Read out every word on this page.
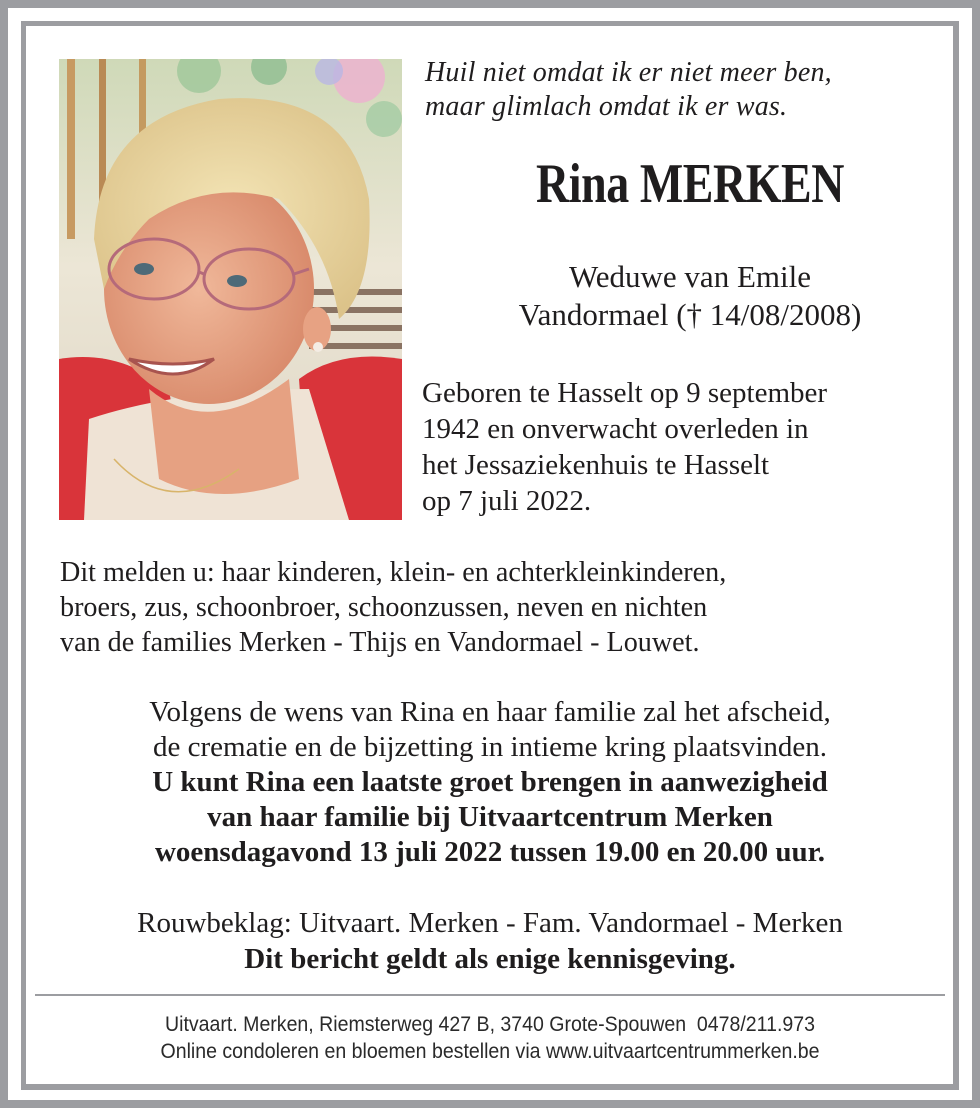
Huil niet omdat ik er niet meer ben,
maar glimlach omdat ik er was.
Rina MERKEN
Weduwe van Emile
Vandormael († 14/08/2008)
Geboren te Hasselt op 9 september
1942 en onverwacht overleden in
het Jessaziekenhuis te Hasselt
op 7 juli 2022.
Dit melden u: haar kinderen, klein- en achterkleinkinderen,
broers, zus, schoonbroer, schoonzussen, neven en nichten
van de families Merken - Thijs en Vandormael - Louwet.
Volgens de wens van Rina en haar familie zal het afscheid,
de crematie en de bijzetting in intieme kring plaatsvinden.
U kunt Rina een laatste groet brengen in aanwezigheid
van haar familie bij Uitvaartcentrum Merken
woensdagavond 13 juli 2022 tussen 19.00 en 20.00 uur.
Rouwbeklag: Uitvaart. Merken - Fam. Vandormael - Merken
Dit bericht geldt als enige kennisgeving.
Uitvaart. Merken, Riemsterweg 427 B, 3740 Grote-Spouwen  0478/211.973
Online condoleren en bloemen bestellen via www.uitvaartcentrummerken.be
